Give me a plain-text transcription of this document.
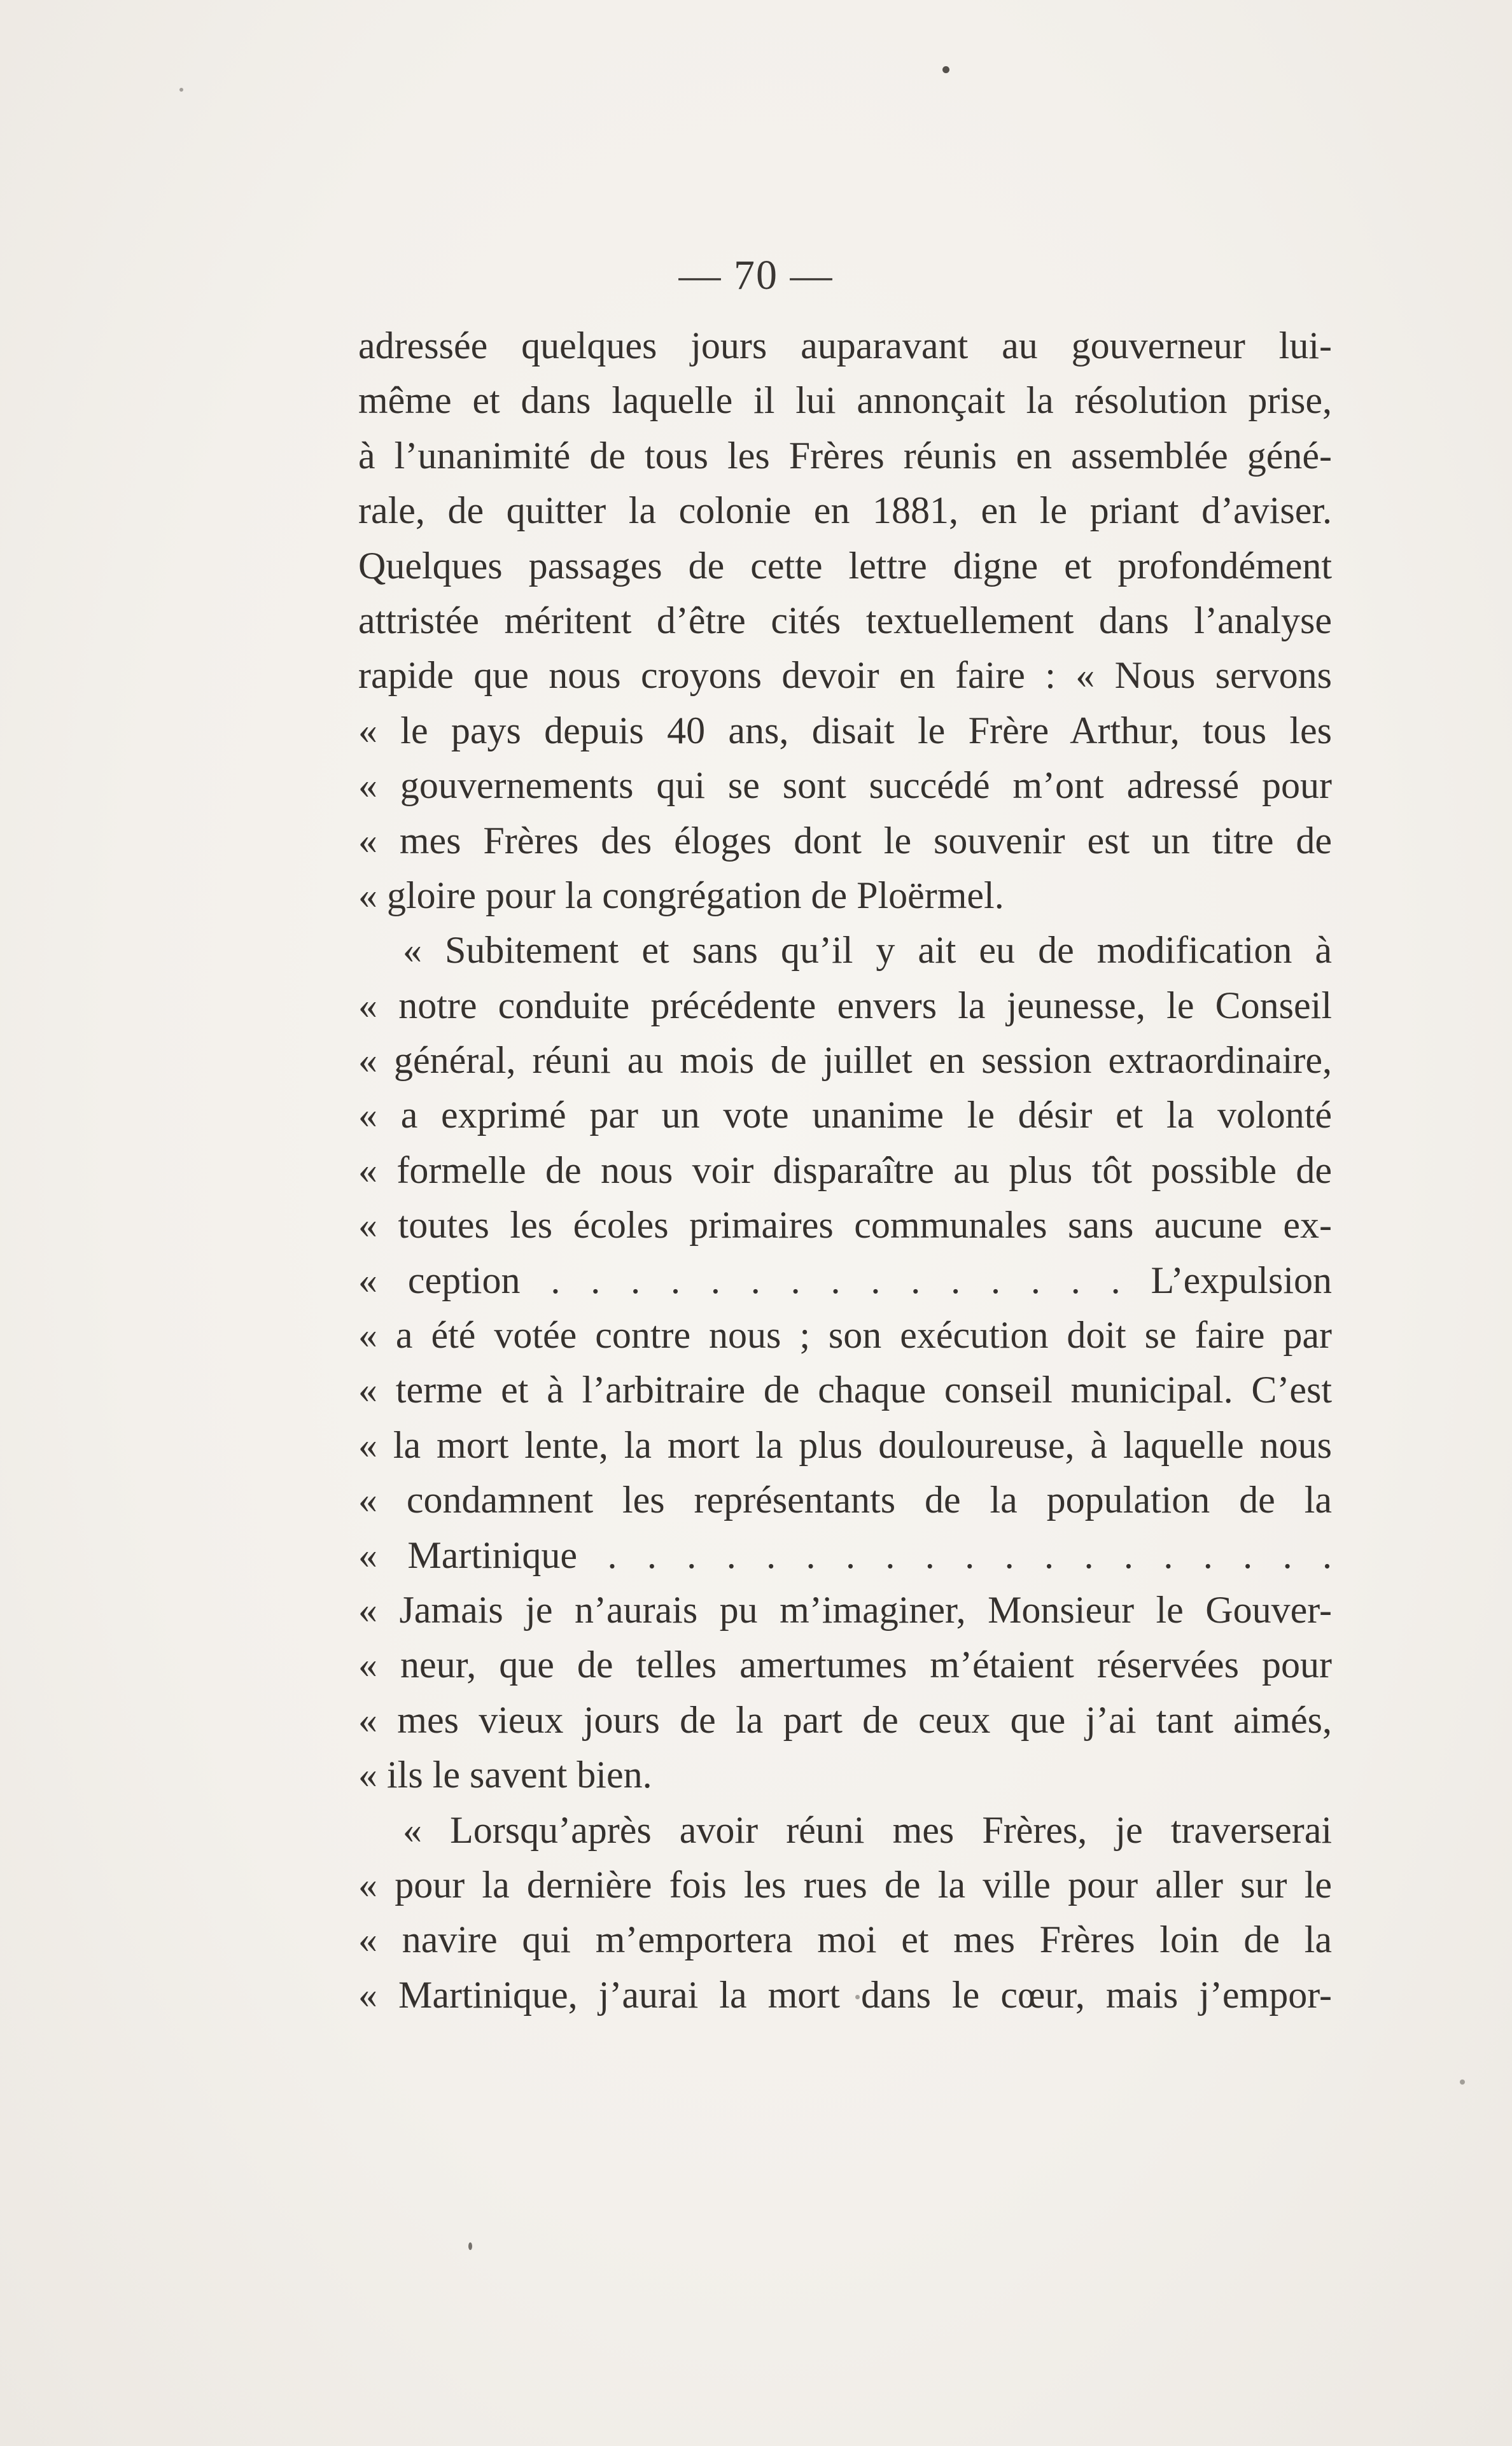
— 70 —
adressée quelques jours auparavant au gouverneur lui-
même et dans laquelle il lui annonçait la résolution prise,
à l’unanimité de tous les Frères réunis en assemblée géné-
rale, de quitter la colonie en 1881, en le priant d’aviser.
Quelques passages de cette lettre digne et profondément
attristée méritent d’être cités textuellement dans l’analyse
rapide que nous croyons devoir en faire : « Nous servons
« le pays depuis 40 ans, disait le Frère Arthur, tous les
« gouvernements qui se sont succédé m’ont adressé pour
« mes Frères des éloges dont le souvenir est un titre de
« gloire pour la congrégation de Ploërmel.
« Subitement et sans qu’il y ait eu de modification à
« notre conduite précédente envers la jeunesse, le Conseil
« général, réuni au mois de juillet en session extraordinaire,
« a exprimé par un vote unanime le désir et la volonté
« formelle de nous voir disparaître au plus tôt possible de
« toutes les écoles primaires communales sans aucune ex-
« ception . . . . . . . . . . . . . . . L’expulsion
« a été votée contre nous ; son exécution doit se faire par
« terme et à l’arbitraire de chaque conseil municipal. C’est
« la mort lente, la mort la plus douloureuse, à laquelle nous
« condamnent les représentants de la population de la
« Martinique . . . . . . . . . . . . . . . . . . .
« Jamais je n’aurais pu m’imaginer, Monsieur le Gouver-
« neur, que de telles amertumes m’étaient réservées pour
« mes vieux jours de la part de ceux que j’ai tant aimés,
« ils le savent bien.
« Lorsqu’après avoir réuni mes Frères, je traverserai
« pour la dernière fois les rues de la ville pour aller sur le
« navire qui m’emportera moi et mes Frères loin de la
« Martinique, j’aurai la mort dans le cœur, mais j’empor-
